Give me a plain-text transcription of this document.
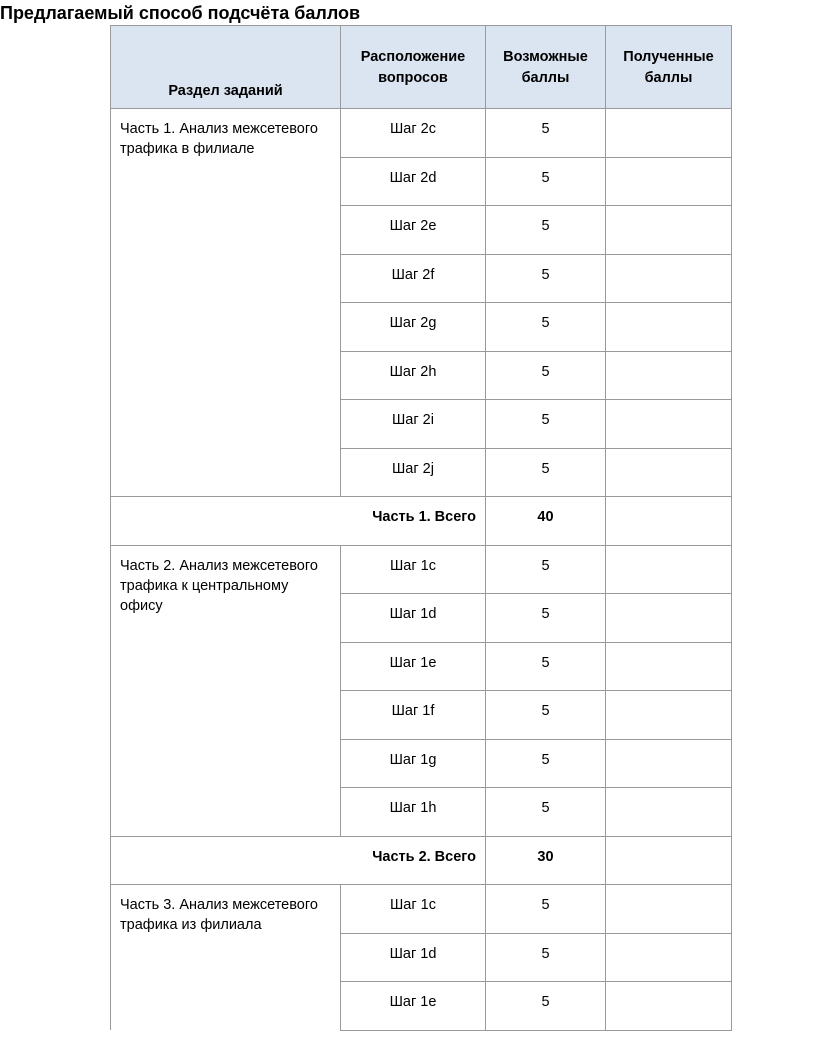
Предлагаемый способ подсчёта баллов
Раздел заданий	Расположение вопросов	Возможные баллы	Полученные баллы
Часть 1. Анализ межсетевого трафика в филиале	Шаг 2c	5	
	Шаг 2d	5	
	Шаг 2e	5	
	Шаг 2f	5	
	Шаг 2g	5	
	Шаг 2h	5	
	Шаг 2i	5	
	Шаг 2j	5	
Часть 1. Всего		40	
Часть 2. Анализ межсетевого трафика к центральному офису	Шаг 1c	5	
	Шаг 1d	5	
	Шаг 1e	5	
	Шаг 1f	5	
	Шаг 1g	5	
	Шаг 1h	5	
Часть 2. Всего		30	
Часть 3. Анализ межсетевого трафика из филиала	Шаг 1c	5	
	Шаг 1d	5	
	Шаг 1e	5	
